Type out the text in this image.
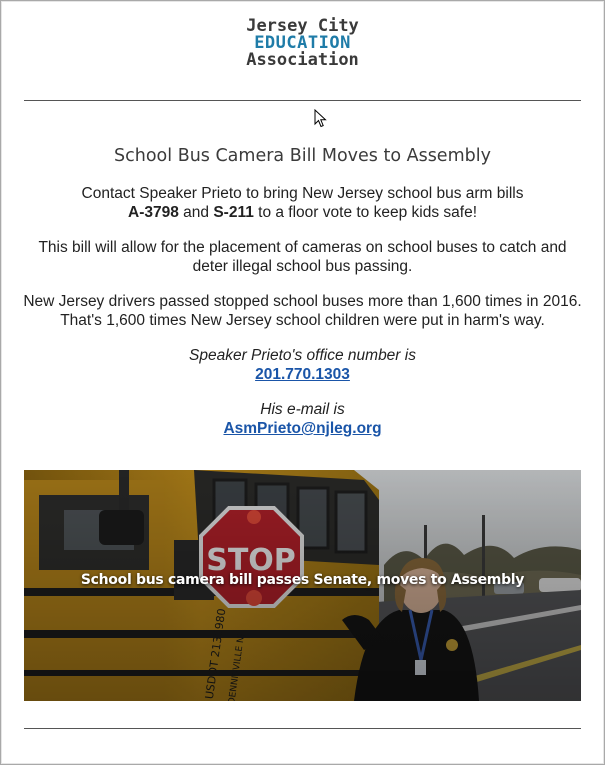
Jersey City
EDUCATION
Association
School Bus Camera Bill Moves to Assembly
Contact Speaker Prieto to bring New Jersey school bus arm bills
A-3798 and S-211 to a floor vote to keep kids safe!
This bill will allow for the placement of cameras on school buses to catch and deter illegal school bus passing.
New Jersey drivers passed stopped school buses more than 1,600 times in 2016. That's 1,600 times New Jersey school children were put in harm's way.
Speaker Prieto's office number is
201.770.1303
His e-mail is
AsmPrieto@njleg.org
School bus camera bill passes Senate, moves to Assembly
